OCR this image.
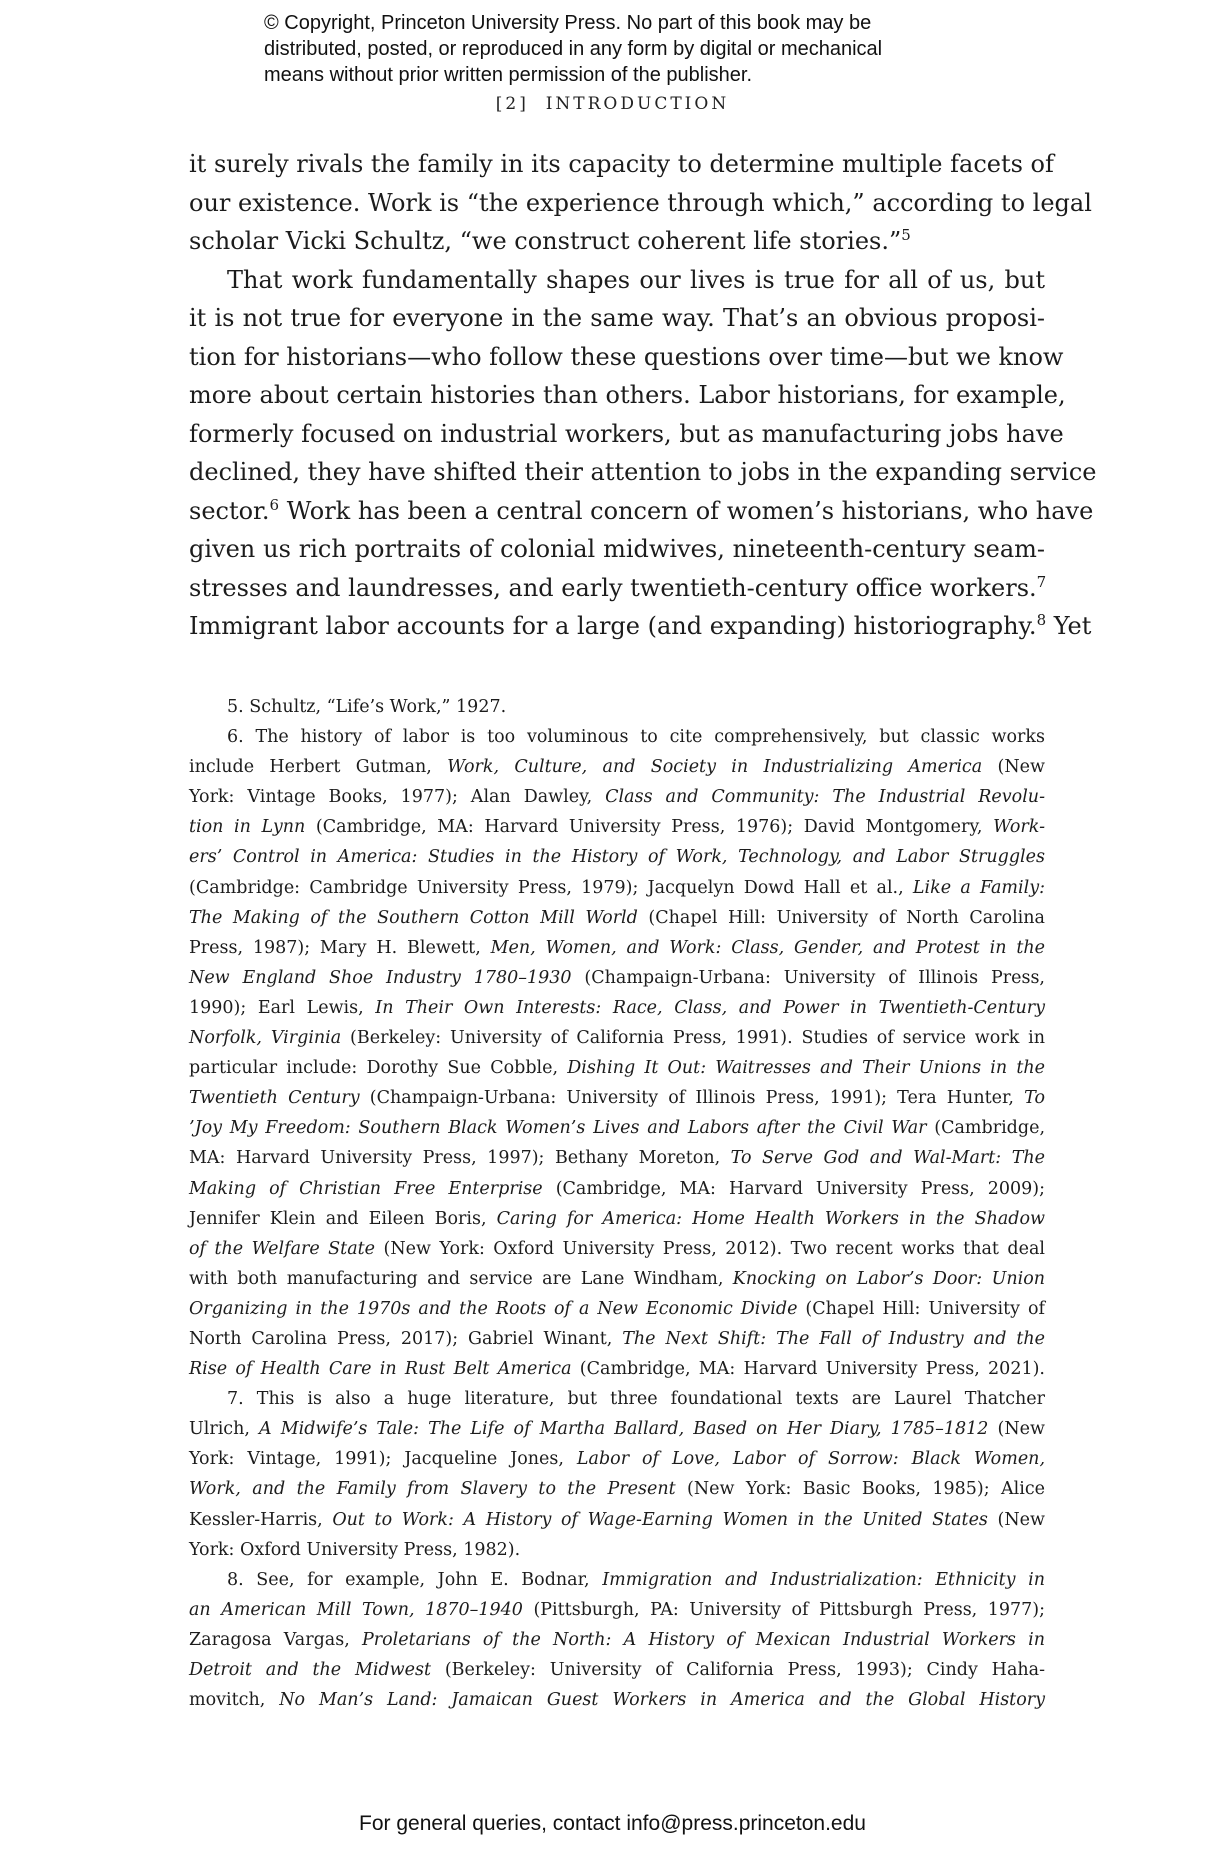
© Copyright, Princeton University Press. No part of this book may be
distributed, posted, or reproduced in any form by digital or mechanical
means without prior written permission of the publisher.
[2] INTRODUCTION
it surely rivals the family in its capacity to determine multiple facets of
our existence. Work is “the experience through which,” according to legal
scholar Vicki Schultz, “we construct coherent life stories.”$^5$
That work fundamentally shapes our lives is true for all of us, but
it is not true for everyone in the same way. That’s an obvious proposi-
tion for historians—who follow these questions over time—but we know
more about certain histories than others. Labor historians, for example,
formerly focused on industrial workers, but as manufacturing jobs have
declined, they have shifted their attention to jobs in the expanding service
sector.$^6$ Work has been a central concern of women’s historians, who have
given us rich portraits of colonial midwives, nineteenth-century seam-
stresses and laundresses, and early twentieth-century office workers.$^7$
Immigrant labor accounts for a large (and expanding) historiography.$^8$ Yet
5. Schultz, “Life’s Work,” 1927.
6. The history of labor is too voluminous to cite comprehensively, but classic works
include Herbert Gutman, Work, Culture, and Society in Industrializing America (New
York: Vintage Books, 1977); Alan Dawley, Class and Community: The Industrial Revolu-
tion in Lynn (Cambridge, MA: Harvard University Press, 1976); David Montgomery, Work-
ers’ Control in America: Studies in the History of Work, Technology, and Labor Struggles
(Cambridge: Cambridge University Press, 1979); Jacquelyn Dowd Hall et al., Like a Family:
The Making of the Southern Cotton Mill World (Chapel Hill: University of North Carolina
Press, 1987); Mary H. Blewett, Men, Women, and Work: Class, Gender, and Protest in the
New England Shoe Industry 1780–1930 (Champaign-Urbana: University of Illinois Press,
1990); Earl Lewis, In Their Own Interests: Race, Class, and Power in Twentieth-Century
Norfolk, Virginia (Berkeley: University of California Press, 1991). Studies of service work in
particular include: Dorothy Sue Cobble, Dishing It Out: Waitresses and Their Unions in the
Twentieth Century (Champaign-Urbana: University of Illinois Press, 1991); Tera Hunter, To
’Joy My Freedom: Southern Black Women’s Lives and Labors after the Civil War (Cambridge,
MA: Harvard University Press, 1997); Bethany Moreton, To Serve God and Wal-Mart: The
Making of Christian Free Enterprise (Cambridge, MA: Harvard University Press, 2009);
Jennifer Klein and Eileen Boris, Caring for America: Home Health Workers in the Shadow
of the Welfare State (New York: Oxford University Press, 2012). Two recent works that deal
with both manufacturing and service are Lane Windham, Knocking on Labor’s Door: Union
Organizing in the 1970s and the Roots of a New Economic Divide (Chapel Hill: University of
North Carolina Press, 2017); Gabriel Winant, The Next Shift: The Fall of Industry and the
Rise of Health Care in Rust Belt America (Cambridge, MA: Harvard University Press, 2021).
7. This is also a huge literature, but three foundational texts are Laurel Thatcher
Ulrich, A Midwife’s Tale: The Life of Martha Ballard, Based on Her Diary, 1785–1812 (New
York: Vintage, 1991); Jacqueline Jones, Labor of Love, Labor of Sorrow: Black Women,
Work, and the Family from Slavery to the Present (New York: Basic Books, 1985); Alice
Kessler-Harris, Out to Work: A History of Wage-Earning Women in the United States (New
York: Oxford University Press, 1982).
8. See, for example, John E. Bodnar, Immigration and Industrialization: Ethnicity in
an American Mill Town, 1870–1940 (Pittsburgh, PA: University of Pittsburgh Press, 1977);
Zaragosa Vargas, Proletarians of the North: A History of Mexican Industrial Workers in
Detroit and the Midwest (Berkeley: University of California Press, 1993); Cindy Haha-
movitch, No Man’s Land: Jamaican Guest Workers in America and the Global History
For general queries, contact info@press.princeton.edu
